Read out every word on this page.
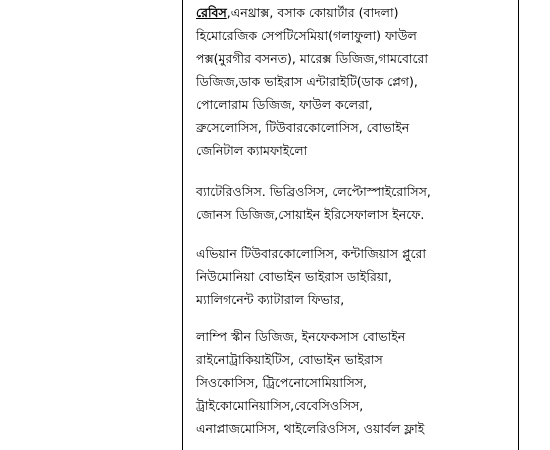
রেবিস,এনথ্রাক্স, বসাক কোয়ার্টার (বাদলা)
হিমোরেজিক সেপটিসেমিয়া(গলাফুলা) ফাউল
পক্স(মুরগীর বসনত), মারেক্স ডিজিজ,গামবোরো
ডিজিজ,ডাক ভাইরাস এন্টারাইটি(ডাক প্লেগ),
পোলোরাম ডিজিজ, ফাউল কলেরা,
ব্রুসেলোসিস, টিউবারকোলোসিস, বোভাইন
জেনিটাল ক্যামফাইলো

ব্যাটেরিওসিস. ভিব্রিওসিস, লেপ্টোস্পাইরোসিস,
জোনস ডিজিজ,সোয়াইন ইরিসেফালাস ইনফে.

এভিয়ান টিউবারকোলোসিস, কন্টাজিয়াস প্লুরো
নিউমোনিয়া বোভাইন ভাইরাস ডাইরিয়া,
ম্যালিগনেন্ট ক্যাটারাল ফিভার,

লাম্পি স্কীন ডিজিজ, ইনফেকসাস বোভাইন
রাইনোট্রাকিয়াইটিস, বোভাইন ভাইরাস
সিওকোসিস, ট্রিপেনোসোমিয়াসিস,
ট্রাইকোমোনিয়াসিস,বেবেসিওসিস,
এনাপ্লাজমোসিস, থাইলেরিওসিস, ওয়ার্বল ফ্লাই
